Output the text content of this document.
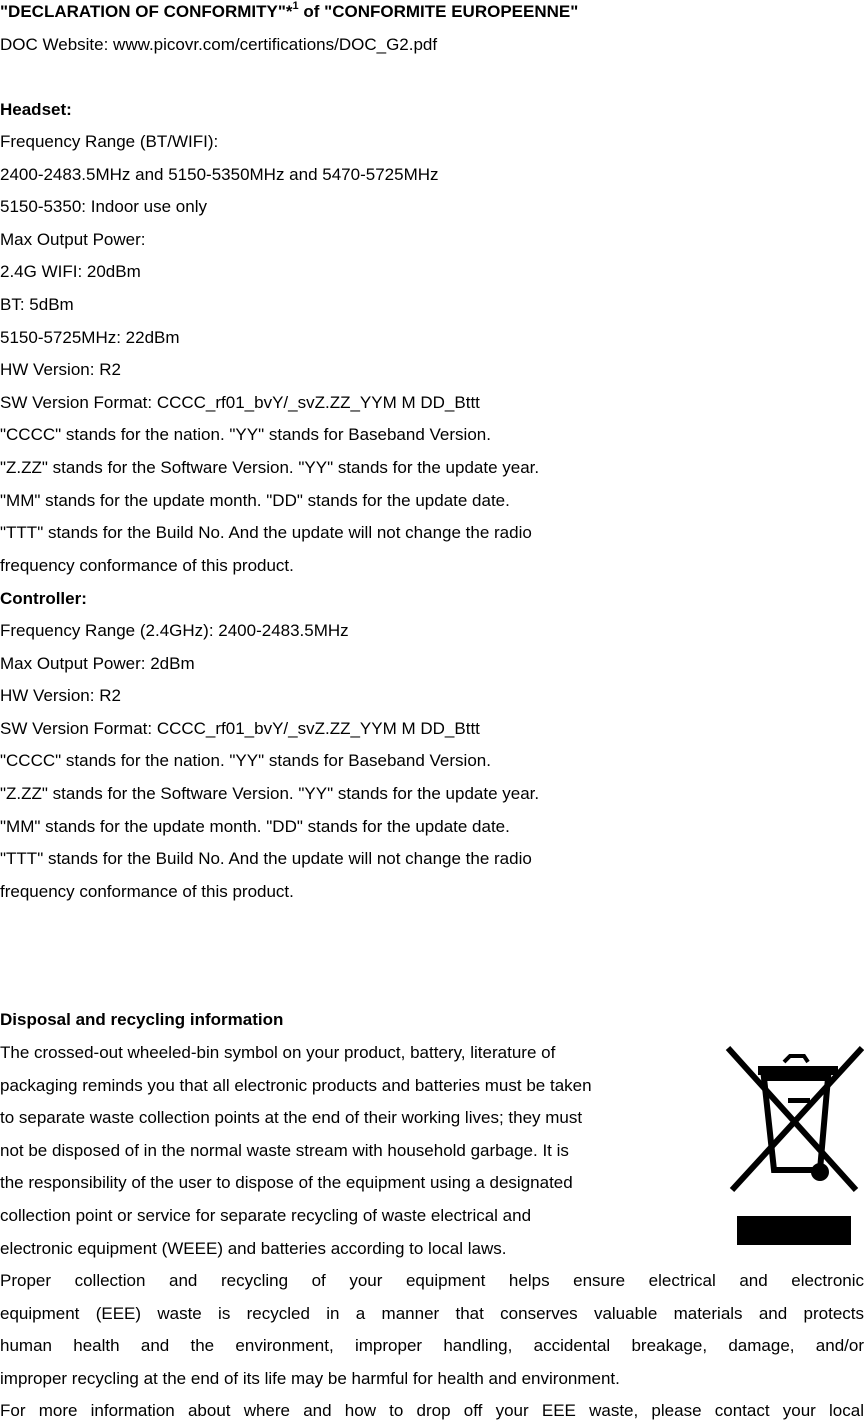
"DECLARATION OF CONFORMITY"*$^1$ of "CONFORMITE EUROPEENNE"
DOC Website: www.picovr.com/certifications/DOC_G2.pdf
Headset:
Frequency Range (BT/WIFI):
2400-2483.5MHz and 5150-5350MHz and 5470-5725MHz
5150-5350: Indoor use only
Max Output Power:
2.4G WIFI: 20dBm
BT: 5dBm
5150-5725MHz: 22dBm
HW Version: R2
SW Version Format: CCCC_rf01_bvY/_svZ.ZZ_YYM M DD_Bttt
"CCCC" stands for the nation. "YY" stands for Baseband Version.
"Z.ZZ" stands for the Software Version. "YY" stands for the update year.
"MM" stands for the update month. "DD" stands for the update date.
"TTT" stands for the Build No. And the update will not change the radio
frequency conformance of this product.
Controller:
Frequency Range (2.4GHz): 2400-2483.5MHz
Max Output Power: 2dBm
HW Version: R2
SW Version Format: CCCC_rf01_bvY/_svZ.ZZ_YYM M DD_Bttt
"CCCC" stands for the nation. "YY" stands for Baseband Version.
"Z.ZZ" stands for the Software Version. "YY" stands for the update year.
"MM" stands for the update month. "DD" stands for the update date.
"TTT" stands for the Build No. And the update will not change the radio
frequency conformance of this product.
Disposal and recycling information
The crossed-out wheeled-bin symbol on your product, battery, literature of
packaging reminds you that all electronic products and batteries must be taken
to separate waste collection points at the end of their working lives; they must
not be disposed of in the normal waste stream with household garbage. It is
the responsibility of the user to dispose of the equipment using a designated
collection point or service for separate recycling of waste electrical and
electronic equipment (WEEE) and batteries according to local laws.
Proper collection and recycling of your equipment helps ensure electrical and electronic
equipment (EEE) waste is recycled in a manner that conserves valuable materials and protects
human health and the environment, improper handling, accidental breakage, damage, and/or
improper recycling at the end of its life may be harmful for health and environment.
For more information about where and how to drop off your EEE waste, please contact your local
